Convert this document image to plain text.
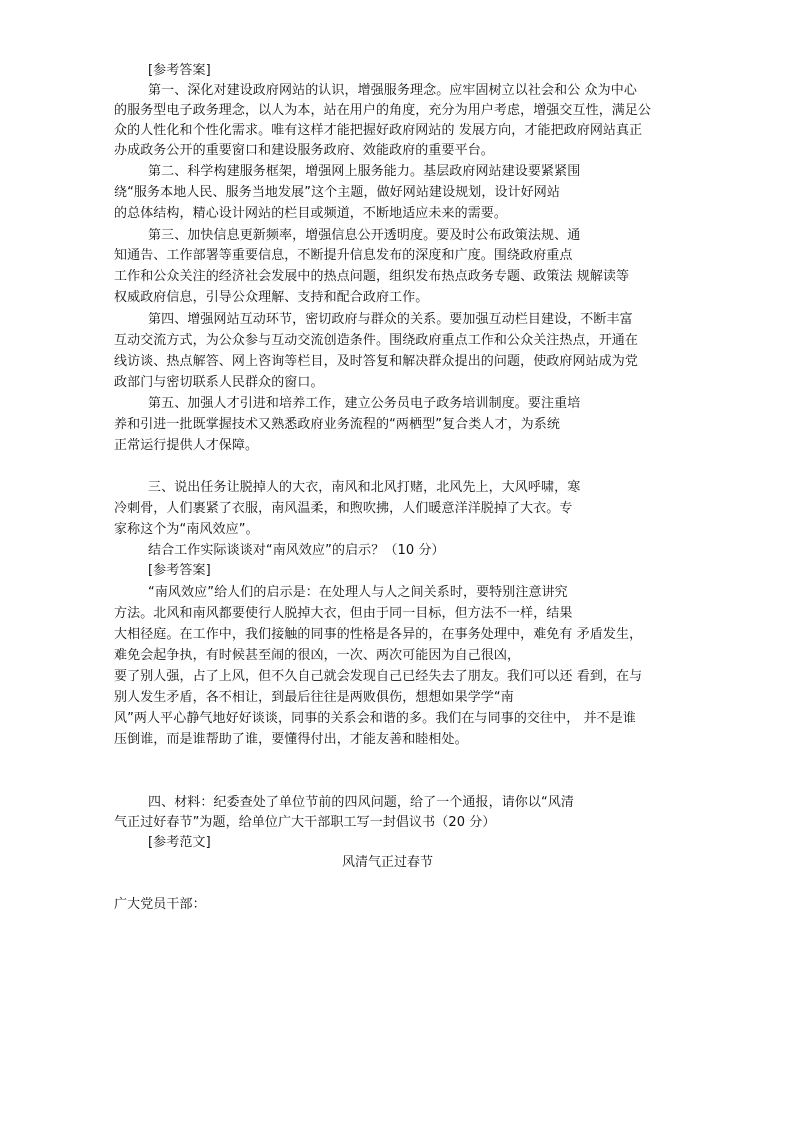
[参考答案]
第一、深化对建设政府网站的认识，增强服务理念。应牢固树立以社会和公 众为中心
的服务型电子政务理念，以人为本，站在用户的角度，充分为用户考虑，增强交互性，满足公
众的人性化和个性化需求。唯有这样才能把握好政府网站的 发展方向，才能把政府网站真正
办成政务公开的重要窗口和建设服务政府、效能政府的重要平台。
第二、科学构建服务框架，增强网上服务能力。基层政府网站建设要紧紧围
绕“服务本地人民、服务当地发展”这个主题，做好网站建设规划，设计好网站
的总体结构，精心设计网站的栏目或频道，不断地适应未来的需要。
第三、加快信息更新频率，增强信息公开透明度。要及时公布政策法规、通
知通告、工作部署等重要信息，不断提升信息发布的深度和广度。围绕政府重点
工作和公众关注的经济社会发展中的热点问题，组织发布热点政务专题、政策法 规解读等
权威政府信息，引导公众理解、支持和配合政府工作。
第四、增强网站互动环节，密切政府与群众的关系。要加强互动栏目建设，不断丰富
互动交流方式，为公众参与互动交流创造条件。围绕政府重点工作和公众关注热点，开通在
线访谈、热点解答、网上咨询等栏目，及时答复和解决群众提出的问题，使政府网站成为党
政部门与密切联系人民群众的窗口。
第五、加强人才引进和培养工作，建立公务员电子政务培训制度。要注重培
养和引进一批既掌握技术又熟悉政府业务流程的“两栖型”复合类人才，为系统
正常运行提供人才保障。
三、说出任务让脱掉人的大衣，南风和北风打赌，北风先上，大风呼啸，寒
冷刺骨，人们裹紧了衣服，南风温柔，和煦吹拂，人们暖意洋洋脱掉了大衣。专
家称这个为“南风效应”。
结合工作实际谈谈对“南风效应”的启示？（10 分）
[参考答案]
“南风效应”给人们的启示是：在处理人与人之间关系时，要特别注意讲究
方法。北风和南风都要使行人脱掉大衣，但由于同一目标，但方法不一样，结果
大相径庭。在工作中，我们接触的同事的性格是各异的，在事务处理中，难免有 矛盾发生，
难免会起争执，有时候甚至闹的很凶，一次、两次可能因为自己很凶，
要了别人强，占了上风，但不久自己就会发现自己已经失去了朋友。我们可以还 看到，在与
别人发生矛盾，各不相让，到最后往往是两败俱伤，想想如果学学“南
风”两人平心静气地好好谈谈，同事的关系会和谐的多。我们在与同事的交往中， 并不是谁
压倒谁，而是谁帮助了谁，要懂得付出，才能友善和睦相处。
四、材料：纪委查处了单位节前的四风问题，给了一个通报，请你以“风清
气正过好春节”为题，给单位广大干部职工写一封倡议书（20 分）
[参考范文]
风清气正过春节
广大党员干部：
